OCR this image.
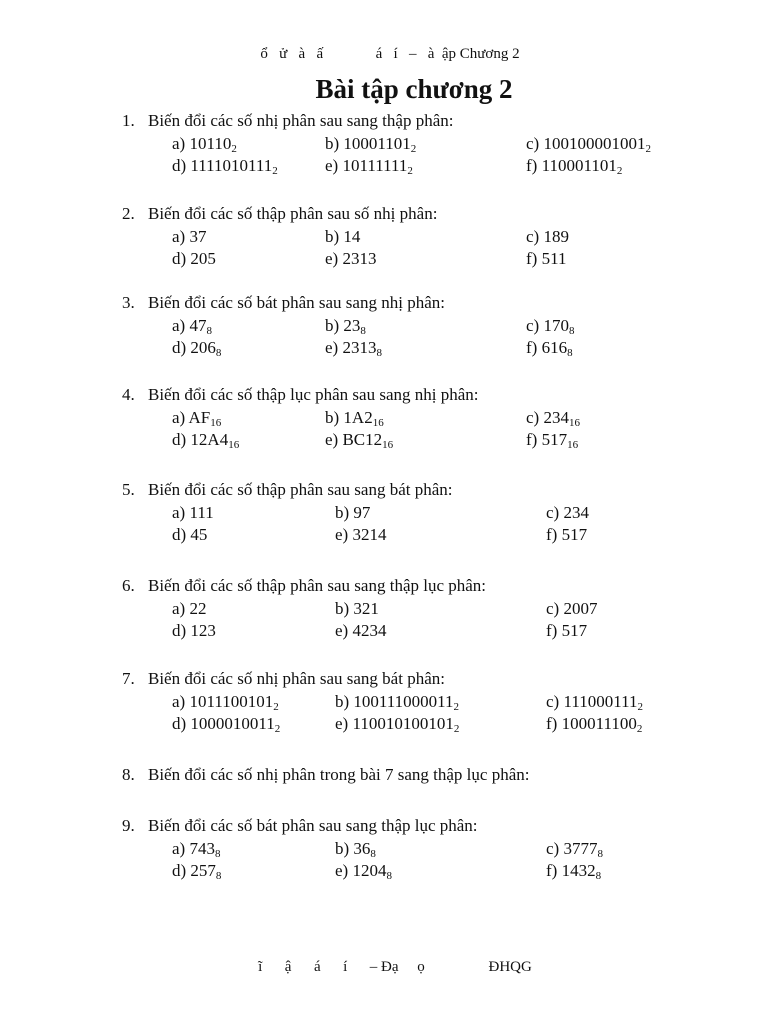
ổ   ử   à   ấ              á   í   –   à  ập Chương 2
Bài tập chương 2
1. Biến đổi các số nhị phân sau sang thập phân:
a) $10110_2$	b) $10001101_2$	c) $100100001001_2$
d) $1111010111_2$	e) $10111111_2$	f) $110001101_2$
2. Biến đổi các số thập phân sau số nhị phân:
a) 37	b) 14	c) 189
d) 205	e) 2313	f) 511
3. Biến đổi các số bát phân sau sang nhị phân:
a) $47_8$	b) $23_8$	c) $170_8$
d) $206_8$	e) $2313_8$	f) $616_8$
4. Biến đổi các số thập lục phân sau sang nhị phân:
a) $AF_{16}$	b) $1A2_{16}$	c) $234_{16}$
d) $12A4_{16}$	e) $BC12_{16}$	f) $517_{16}$
5. Biến đổi các số thập phân sau sang bát phân:
a) 111	b) 97	c) 234
d) 45	e) 3214	f) 517
6. Biến đổi các số thập phân sau sang thập lục phân:
a) 22	b) 321	c) 2007
d) 123	e) 4234	f) 517
7. Biến đổi các số nhị phân sau sang bát phân:
a) $1011100101_2$	b) $100111000011_2$	c) $111000111_2$
d) $1000010011_2$	e) $110010100101_2$	f) $100011100_2$
8. Biến đổi các số nhị phân trong bài 7 sang thập lục phân:
9. Biến đổi các số bát phân sau sang thập lục phân:
a) $743_8$	b) $36_8$	c) $3777_8$
d) $257_8$	e) $1204_8$	f) $1432_8$
ĩ      ậ      á      í      – Đạ     ọ                 ĐHQG
